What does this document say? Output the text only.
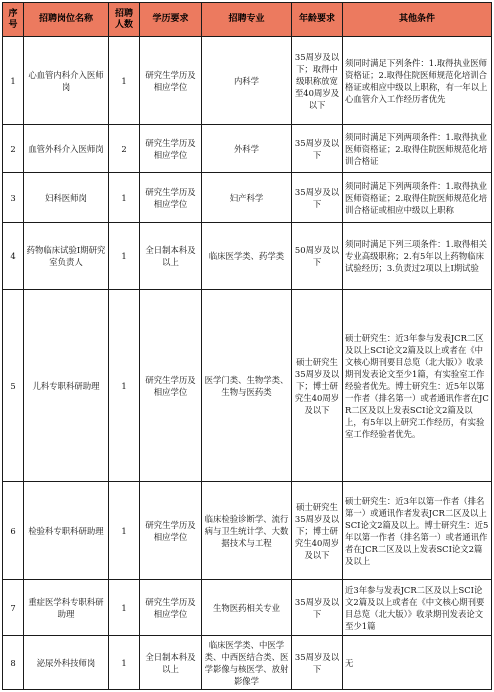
序号	招聘岗位名称	招聘人数	学历要求	招聘专业	年龄要求	其他条件
1	心血管内科介入医师岗	1	研究生学历及相应学位	内科学	35周岁及以下；取得中级职称放宽至40周岁及以下	须同时满足下列条件：1.取得执业医师资格证；2.取得住院医师规范化培训合格证或相应中级以上职称，有一年以上心血管介入工作经历者优先
2	血管外科介入医师岗	2	研究生学历及相应学位	外科学	35周岁及以下	须同时满足下列两项条件：1.取得执业医师资格证；2.取得住院医师规范化培训合格证
3	妇科医师岗	1	研究生学历及相应学位	妇产科学	35周岁及以下	须同时满足下列两项条件：1.取得执业医师资格证；2.取得住院医师规范化培训合格证或相应中级以上职称
4	药物临床试验I期研究室负责人	1	全日制本科及以上	临床医学类、药学类	50周岁及以下	须同时满足下列三项条件：1.取得相关专业高级职称；2.有5年以上药物临床试验经历；3.负责过2项以上I期试验
5	儿科专职科研助理	1	研究生学历及相应学位	医学门类、生物学类、生物与医药类	硕士研究生35周岁及以下；博士研究生40周岁及以下	硕士研究生：近3年参与发表JCR二区及以上SCI论文2篇及以上或者在《中文核心期刊要目总览（北大版）》收录期刊发表论文至少1篇，有实验室工作经验者优先。博士研究生：近5年以第一作者（排名第一）或者通讯作者在JCR二区及以上发表SCI论文2篇及以上，有5年以上研究工作经历，有实验室工作经验者优先。
6	检验科专职科研助理	1	研究生学历及相应学位	临床检验诊断学、流行病与卫生统计学、大数据技术与工程	硕士研究生35周岁及以下；博士研究生40周岁及以下	硕士研究生：近3年以第一作者（排名第一）或通讯作者发表JCR二区及以上SCI论文2篇及以上。博士研究生：近5年以第一作者（排名第一）或者通讯作者在JCR二区及以上发表SCI论文2篇及以上
7	重症医学科专职科研助理	1	研究生学历及相应学位	生物医药相关专业	35周岁及以下	近3年参与发表JCR二区及以上SCI论文2篇及以上或者在《中文核心期刊要目总览（北大版）》收录期刊发表论文至少1篇
8	泌尿外科技师岗	1	全日制本科及以上	临床医学类、中医学类、中西医结合类、医学影像与核医学、放射影像学	35周岁及以下	无
